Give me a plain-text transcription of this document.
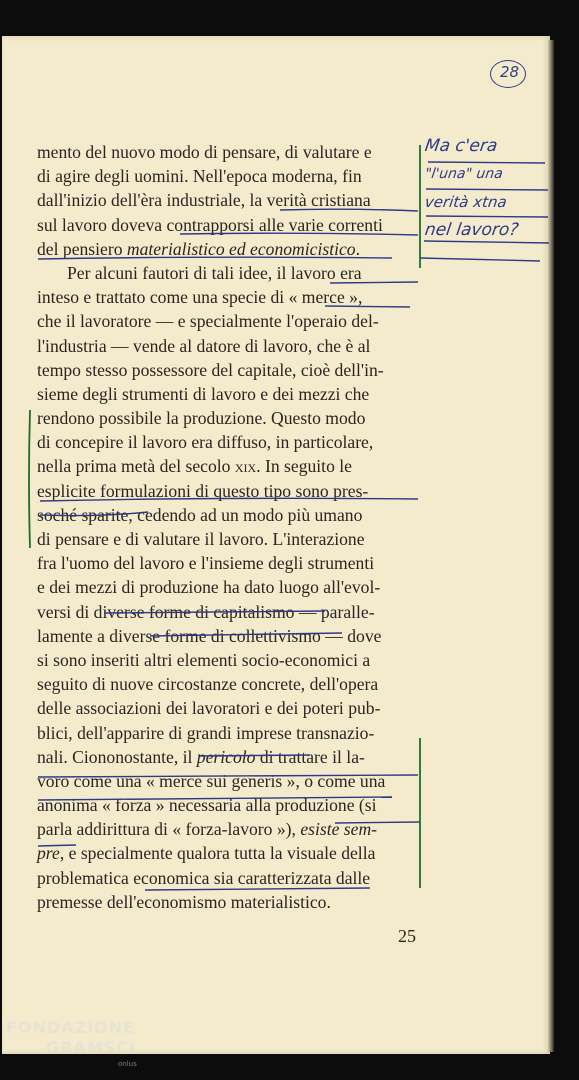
28
mento del nuovo modo di pensare, di valutare e
di agire degli uomini. Nell'epoca moderna, fin
dall'inizio dell'èra industriale, la verità cristiana
sul lavoro doveva contrapporsi alle varie correnti
del pensiero materialistico ed economicistico .
Per alcuni fautori di tali idee, il lavoro era
inteso e trattato come una specie di « merce »,
che il lavoratore — e specialmente l'operaio del-
l'industria — vende al datore di lavoro, che è al
tempo stesso possessore del capitale, cioè dell'in-
sieme degli strumenti di lavoro e dei mezzi che
rendono possibile la produzione. Questo modo
di concepire il lavoro era diffuso, in particolare,
nella prima metà del secolo xix . In seguito le
esplicite formulazioni di questo tipo sono pres-
soché sparite, cedendo ad un modo più umano
di pensare e di valutare il lavoro. L'interazione
fra l'uomo del lavoro e l'insieme degli strumenti
e dei mezzi di produzione ha dato luogo all'evol-
versi di diverse forme di capitalismo — paralle-
lamente a diverse forme di collettivismo — dove
si sono inseriti altri elementi socio-economici a
seguito di nuove circostanze concrete, dell'opera
delle associazioni dei lavoratori e dei poteri pub-
blici, dell'apparire di grandi imprese transnazio-
nali. Ciononostante, il pericolo di trattare il la-
voro come una « merce sui generis », o come una
anonima « forza » necessaria alla produzione (si
parla addirittura di « forza-lavoro »), esiste sem-
pre , e specialmente qualora tutta la visuale della
problematica economica sia caratterizzata dalle
premesse dell'economismo materialistico.
Ma c'era
"l'una" una
verità xtna
nel lavoro?
25
FONDAZIONE
GRAMSCI
onlus
